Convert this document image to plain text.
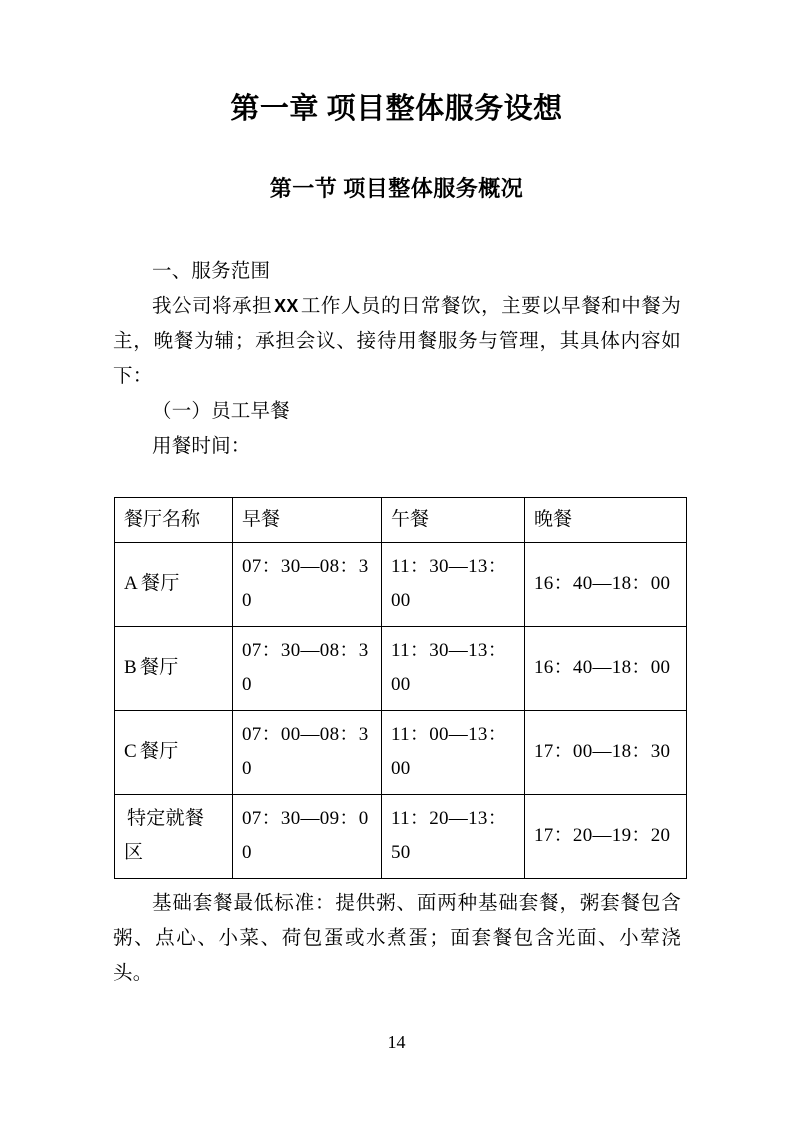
第一章 项目整体服务设想
第一节 项目整体服务概况

一、服务范围

我公司将承担 XX 工作人员的日常餐饮，主要以早餐和中餐为主，晚餐为辅；承担会议、接待用餐服务与管理，其具体内容如下：

（一）员工早餐

用餐时间：

餐厅名称	早餐	午餐	晚餐
A 餐厅	07：30—08：30	11：30—13：00	16：40—18：00
B 餐厅	07：30—08：30	11：30—13：00	16：40—18：00
C 餐厅	07：00—08：30	11：00—13：00	17：00—18：30
特定就餐区	07：30—09：00	11：20—13：50	17：20—19：20

基础套餐最低标准：提供粥、面两种基础套餐，粥套餐包含粥、点心、小菜、荷包蛋或水煮蛋；面套餐包含光面、小荤浇头。

14
